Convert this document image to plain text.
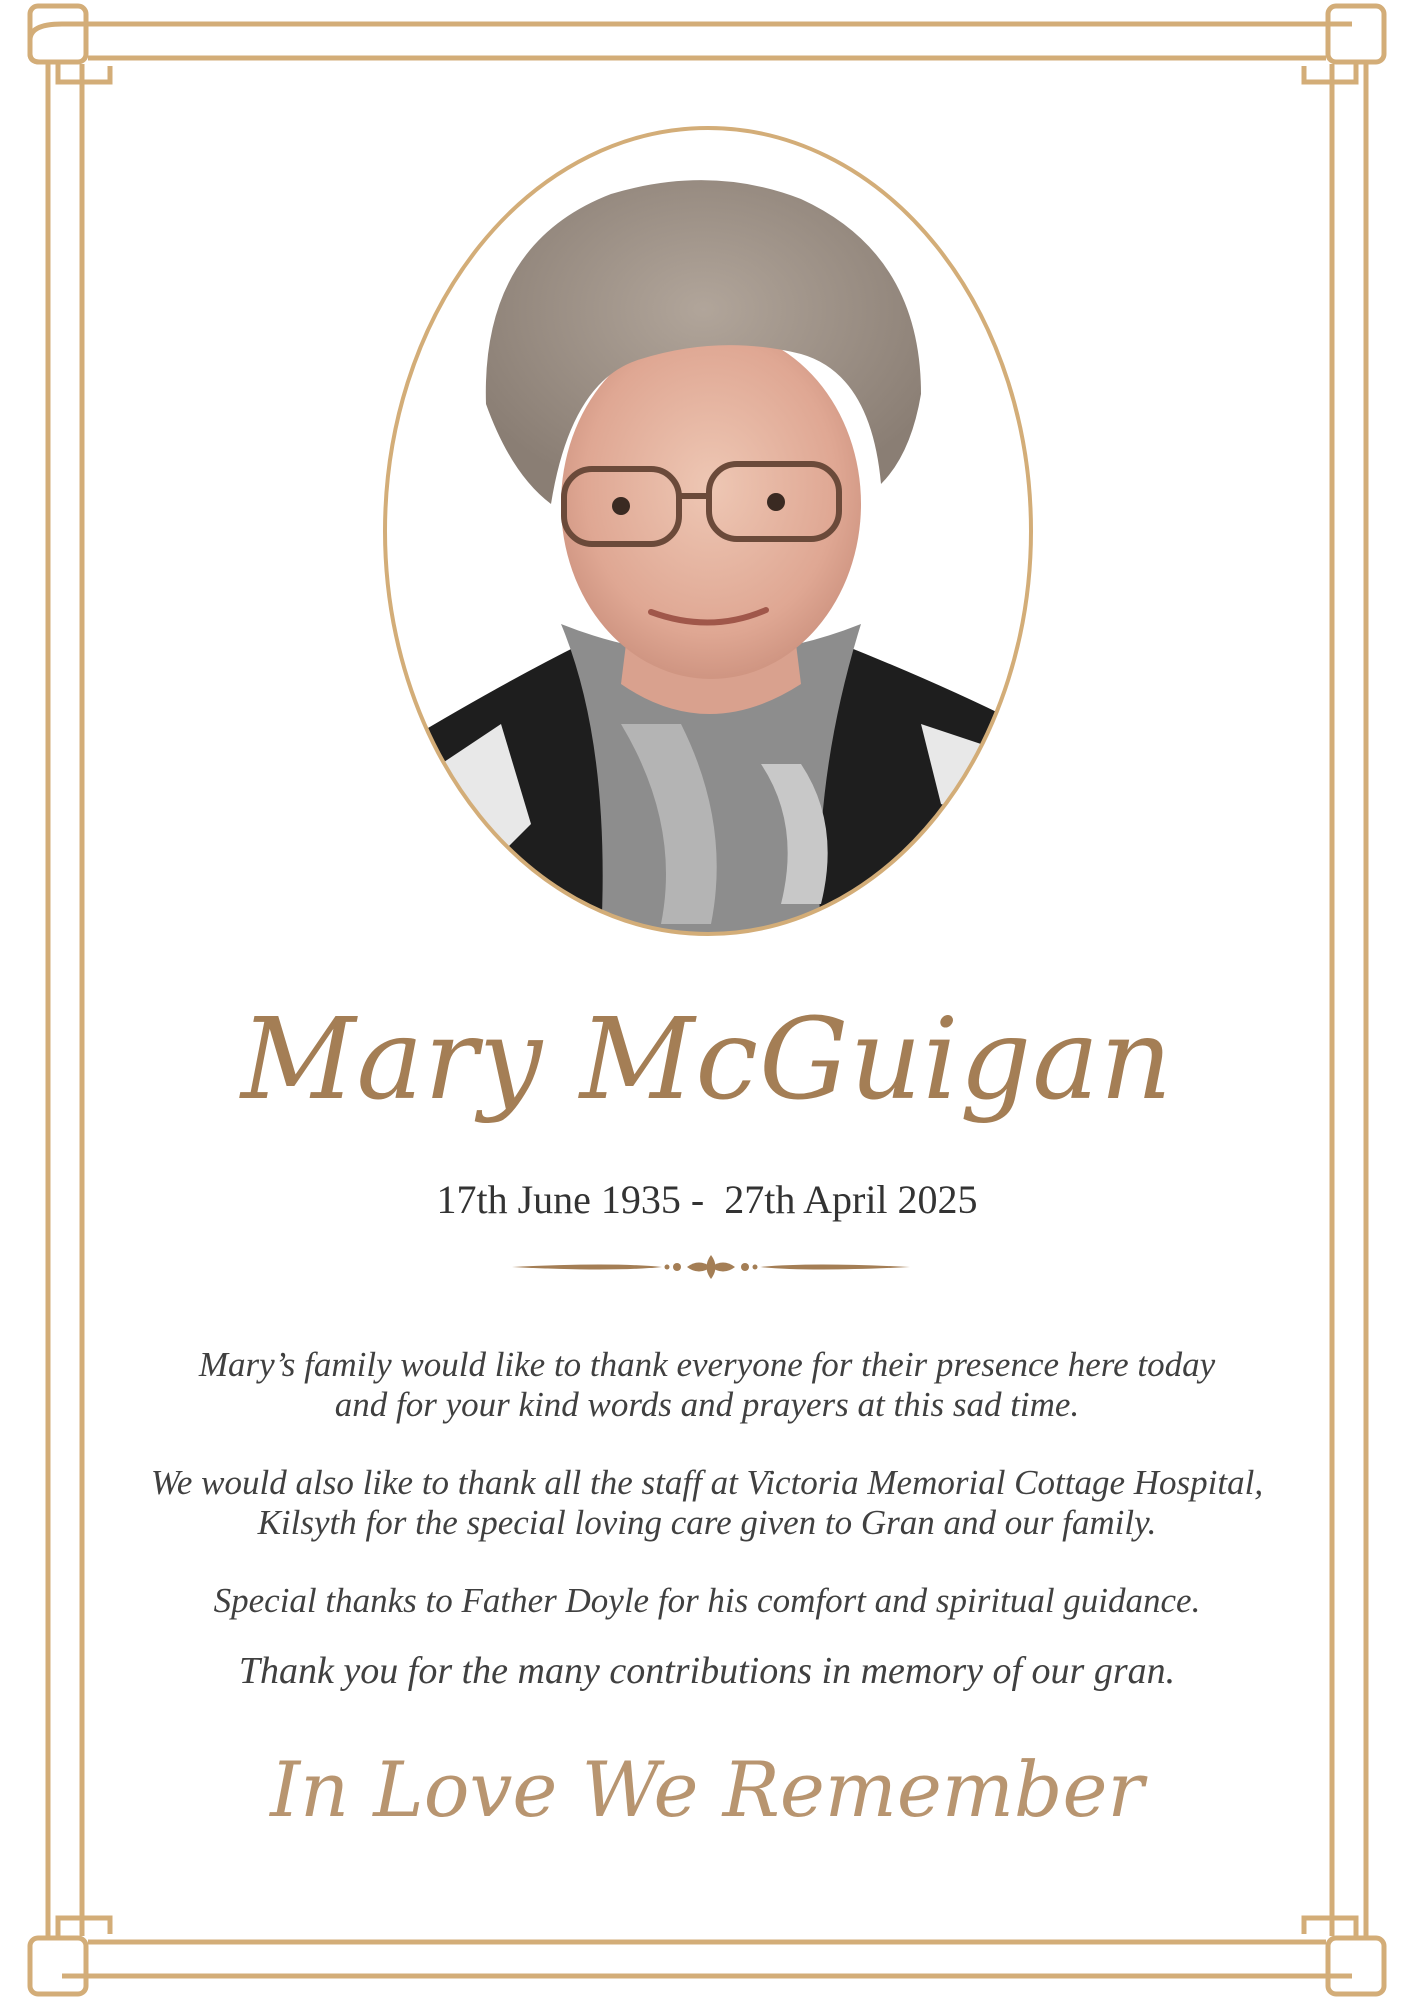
Mary McGuigan
17th June 1935 -  27th April 2025

Mary’s family would like to thank everyone for their presence here today

and for your kind words and prayers at this sad time.

We would also like to thank all the staff at Victoria Memorial Cottage Hospital,

Kilsyth for the special loving care given to Gran and our family.

Special thanks to Father Doyle for his comfort and spiritual guidance.

Thank you for the many contributions in memory of our gran.

In Love We Remember
